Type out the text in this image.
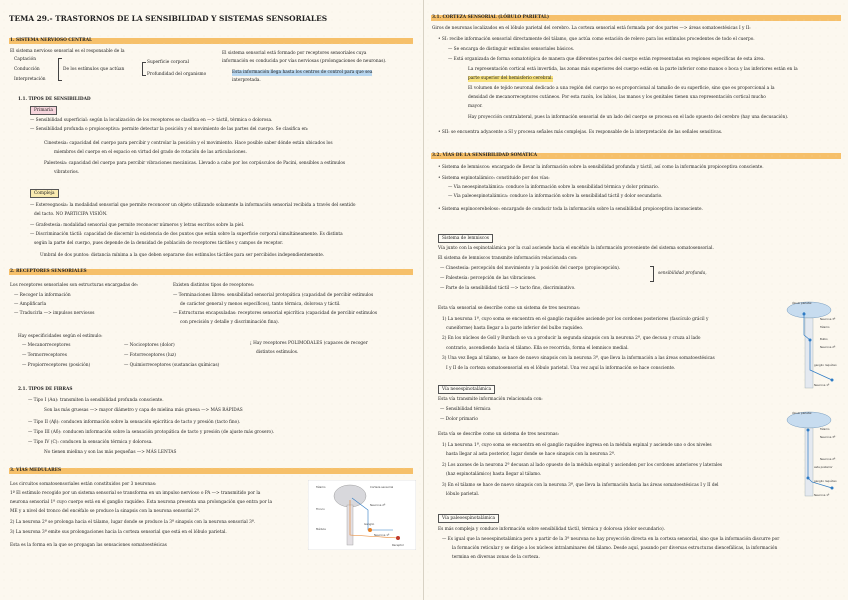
TEMA 29.- TRASTORNOS DE LA SENSIBILIDAD Y SISTEMAS SENSORIALES
1. SISTEMA NERVIOSO CENTRAL
El sistema nervioso sensorial es el responsable de la
Captación
Conducción
Interpretación
De los estímulos que actúan
Superficie corporal
Profundidad del organismo
El sistema sensorial está formado por receptores sensoriales cuya
información es conducida por vías nerviosas (prolongaciones de neuronas).
Esta información llega hasta los centros de control para que sea
interpretada.
1.1. TIPOS DE SENSIBILIDAD
Primaria
— Sensibilidad superficial: según la localización de los receptores se clasifica en —> táctil, térmica o dolorosa.
— Sensibilidad profunda o propioceptiva: permite detectar la posición y el movimiento de las partes del cuerpo. Se clasifica en:
Cinestesia: capacidad del cuerpo para percibir y controlar la posición y el movimiento. Hace posible saber dónde están ubicados los
miembros del cuerpo en el espacio en virtud del grado de rotación de las articulaciones.
Palestesia: capacidad del cuerpo para percibir vibraciones mecánicas. Llevado a cabo por los corpúsculos de Pacini, sensibles a estímulos
vibratorios.
Compleja
— Estereognosia: la modalidad sensorial que permite reconocer un objeto utilizando solamente la información sensorial recibida a través del sentido
del tacto. NO PARTICIPA VISIÓN.
— Grafestesia: modalidad sensorial que permite reconocer números y letras escritos sobre la piel.
— Discriminación táctil: capacidad de discernir la existencia de dos puntos que están sobre la superficie corporal simultáneamente. Es distinta
según la parte del cuerpo, pues depende de la densidad de población de receptores táctiles y campos de receptor.
Umbral de dos puntos: distancia mínima a la que deben separarse dos estímulos táctiles para ser percibidos independientemente.
2. RECEPTORES SENSORIALES
Los receptores sensoriales son estructuras encargadas de:
— Recoger la información
— Amplificarla
— Traducirla —> impulsos nerviosos
Existen distintos tipos de receptores:
— Terminaciones libres: sensibilidad sensorial protopática (capacidad de percibir estímulos
de carácter general y menos específicos), tanto térmica, dolorosa y táctil.
— Estructuras encapsuladas: receptores sensorial epicrítica (capacidad de percibir estímulos
con precisión y detalle y discriminación fina).
Hay especificidades según el estímulo:
— Mecanorreceptores
— Termorreceptores
— Propiorreceptores (posición)
— Nociceptores (dolor)
— Fotorreceptores (luz)
— Quimiorreceptores (sustancias químicas)
¡ Hay receptores POLIMODALES (capaces de recoger
distintos estímulos.
2.1. TIPOS DE FIBRAS
— Tipo I (Aα): transmiten la sensibilidad profunda consciente.
Son las más gruesas —> mayor diámetro y capa de mielina más gruesa —> MÁS RÁPIDAS
— Tipo II (Aβ): conducen información sobre la sensación epicrítica de tacto y presión (tacto fino).
— Tipo III (Aδ): conducen información sobre la sensación protopática de tacto y presión (de ajuste más grosero).
— Tipo IV (C): conducen la sensación térmica y dolorosa.
No tienen mielina y son las más pequeñas —> MÁS LENTAS
3. VÍAS MEDULARES
Los circuitos somatosensoriales están constituidos por 3 neuronas:
1º El estímulo recogido por un sistema sensorial se transforma en un impulso nervioso o PA —> transmitido por la
neurona sensorial 1ª cuyo cuerpo está en el ganglio raquídeo. Esta neurona presenta una prolongación que entra por la
ME y a nivel del tronco del encéfalo se produce la sinapsis con la neurona sensorial 2ª.
2) La neurona 2ª se prolonga hacia el tálamo, lugar donde se produce la 3ª sinapsis con la neurona sensorial 3ª.
3) La neurona 3ª emite sus prolongaciones hacia la corteza sensorial que está en el lóbulo parietal.
Esta es la forma en la que se propagan las sensaciones somatoestésicas
Tálamo	Corteza sensorial
Tronco
Médula
Receptor
Ganglio
Neurona 1ª
Neurona 2ª
3.1. CORTEZA SENSORIAL (LÓBULO PARIETAL)
Giros de neuronas localizados en el lóbulo parietal del cerebro. La corteza sensorial está formada por dos partes —> áreas somatoestésicas I y II:
• SI: recibe información sensorial directamente del tálamo, que actúa como estación de relevo para los estímulos procedentes de todo el cuerpo.
— Se encarga de distinguir estímulos sensoriales básicos.
— Está organizada de forma somatotópica de manera que diferentes partes del cuerpo están representadas en regiones específicas de esta área.
La representación cortical está invertida, las zonas más superiores del cuerpo están en la parte inferior como manos o boca y las inferiores están en la
parte superior del hemisferio cerebral.
El volumen de tejido neuronal dedicado a una región del cuerpo no es proporcional al tamaño de su superficie, sino que es proporcional a la
densidad de mecanorreceptores cutáneos. Por esta razón, los labios, las manos y los genitales tienen una representación cortical mucho
mayor.
Hay proyección contralateral, pues la información sensorial de un lado del cuerpo se procesa en el lado opuesto del cerebro (hay una decusación).
• SII: se encuentra adyacente a SI y procesa señales más complejas. Es responsable de la interpretación de las señales sensitivas.
3.2. VÍAS DE LA SENSIBILIDAD SOMÁTICA
• Sistema de lemniscos: encargado de llevar la información sobre la sensibilidad profunda y táctil, así como la información propioceptiva consciente.
• Sistema espinotalámico: constituido por dos vías:
— Vía neoespinotalámica: conduce la información sobre la sensibilidad térmica y dolor primario.
— Vía paleoespinotalámica: conduce la información sobre la sensibilidad táctil y dolor secundario.
• Sistema espinocerebeloso: encargado de conducir toda la información sobre la sensibilidad propioceptiva inconsciente.
Sistema de lemniscos
Vía junto con la espinotalámica por la cual asciende hacia el encéfalo la información proveniente del sistema somatosensorial.
El sistema de lemniscos transmite información relacionada con:
— Cinestesia: percepción del movimiento y la posición del cuerpo (propiocepción).
— Palestesia: percepción de las vibraciones.
— Parte de la sensibilidad táctil —> tacto fino, discriminativo.
sensibilidad profunda,
Esta vía sensorial se describe como un sistema de tres neuronas:
1) La neurona 1ª, cuyo soma se encuentra en el ganglio raquídeo asciende por los cordones posteriores (fascículo grácil y
cuneiforme) hasta llegar a la parte inferior del bulbo raquídeo.
2) En los núcleos de Goll y Burdach se va a producir la segunda sinapsis con la neurona 2ª, que decusa y cruza al lado
contrario, ascendiendo hacia el tálamo. Ella se recorrida, forma el lemnisco medial.
3) Una vez llega al tálamo, se hace de nuevo sinapsis con la neurona 3ª, que lleva la información a las áreas somatoestésicas
I y II de la corteza somatosensorial en el lóbulo parietal. Una vez aquí la información se hace consciente.
Vía neoespinotalámica
Esta vía transmite información relacionada con:
— Sensibilidad térmica
— Dolor primario
Esta vía se describe como un sistema de tres neuronas:
1) La neurona 1ª, cuyo soma se encuentra en el ganglio raquídeo ingresa en la médula espinal y asciende uno o dos niveles
hasta llegar al asta posterior, lugar donde se hace sinapsis con la neurona 2ª.
2) Los axones de la neurona 2ª decusan al lado opuesto de la médula espinal y ascienden por los cordones anteriores y laterales
(haz espinotalámico) hasta llegar al tálamo.
3) En el tálamo se hace de nuevo sinapsis con la neurona 3ª, que lleva la información hacia las áreas somatoestésicas I y II del
lóbulo parietal.
Vía paleoespinotalámica
Es más compleja y conduce información sobre sensibilidad táctil, térmica y dolorosa (dolor secundario).
— Es igual que la neoespinotalámica pero a partir de la 3ª neurona no hay proyección directa en la corteza sensorial, sino que la información discurre por
la formación reticular y se dirige a los núcleos intralaminares del tálamo. Desde aquí, pasando por diversas estructuras diencefálicas, la información
termina en diversas zonas de la corteza.
lóbulo parietal
Neurona 3ª
Tálamo
Bulbo
Neurona 2ª
ganglio raquídeo
Neurona 1ª
lóbulo parietal
Tálamo
Neurona 3ª
Neurona 2ª
asta posterior
ganglio raquídeo
Neurona 1ª
